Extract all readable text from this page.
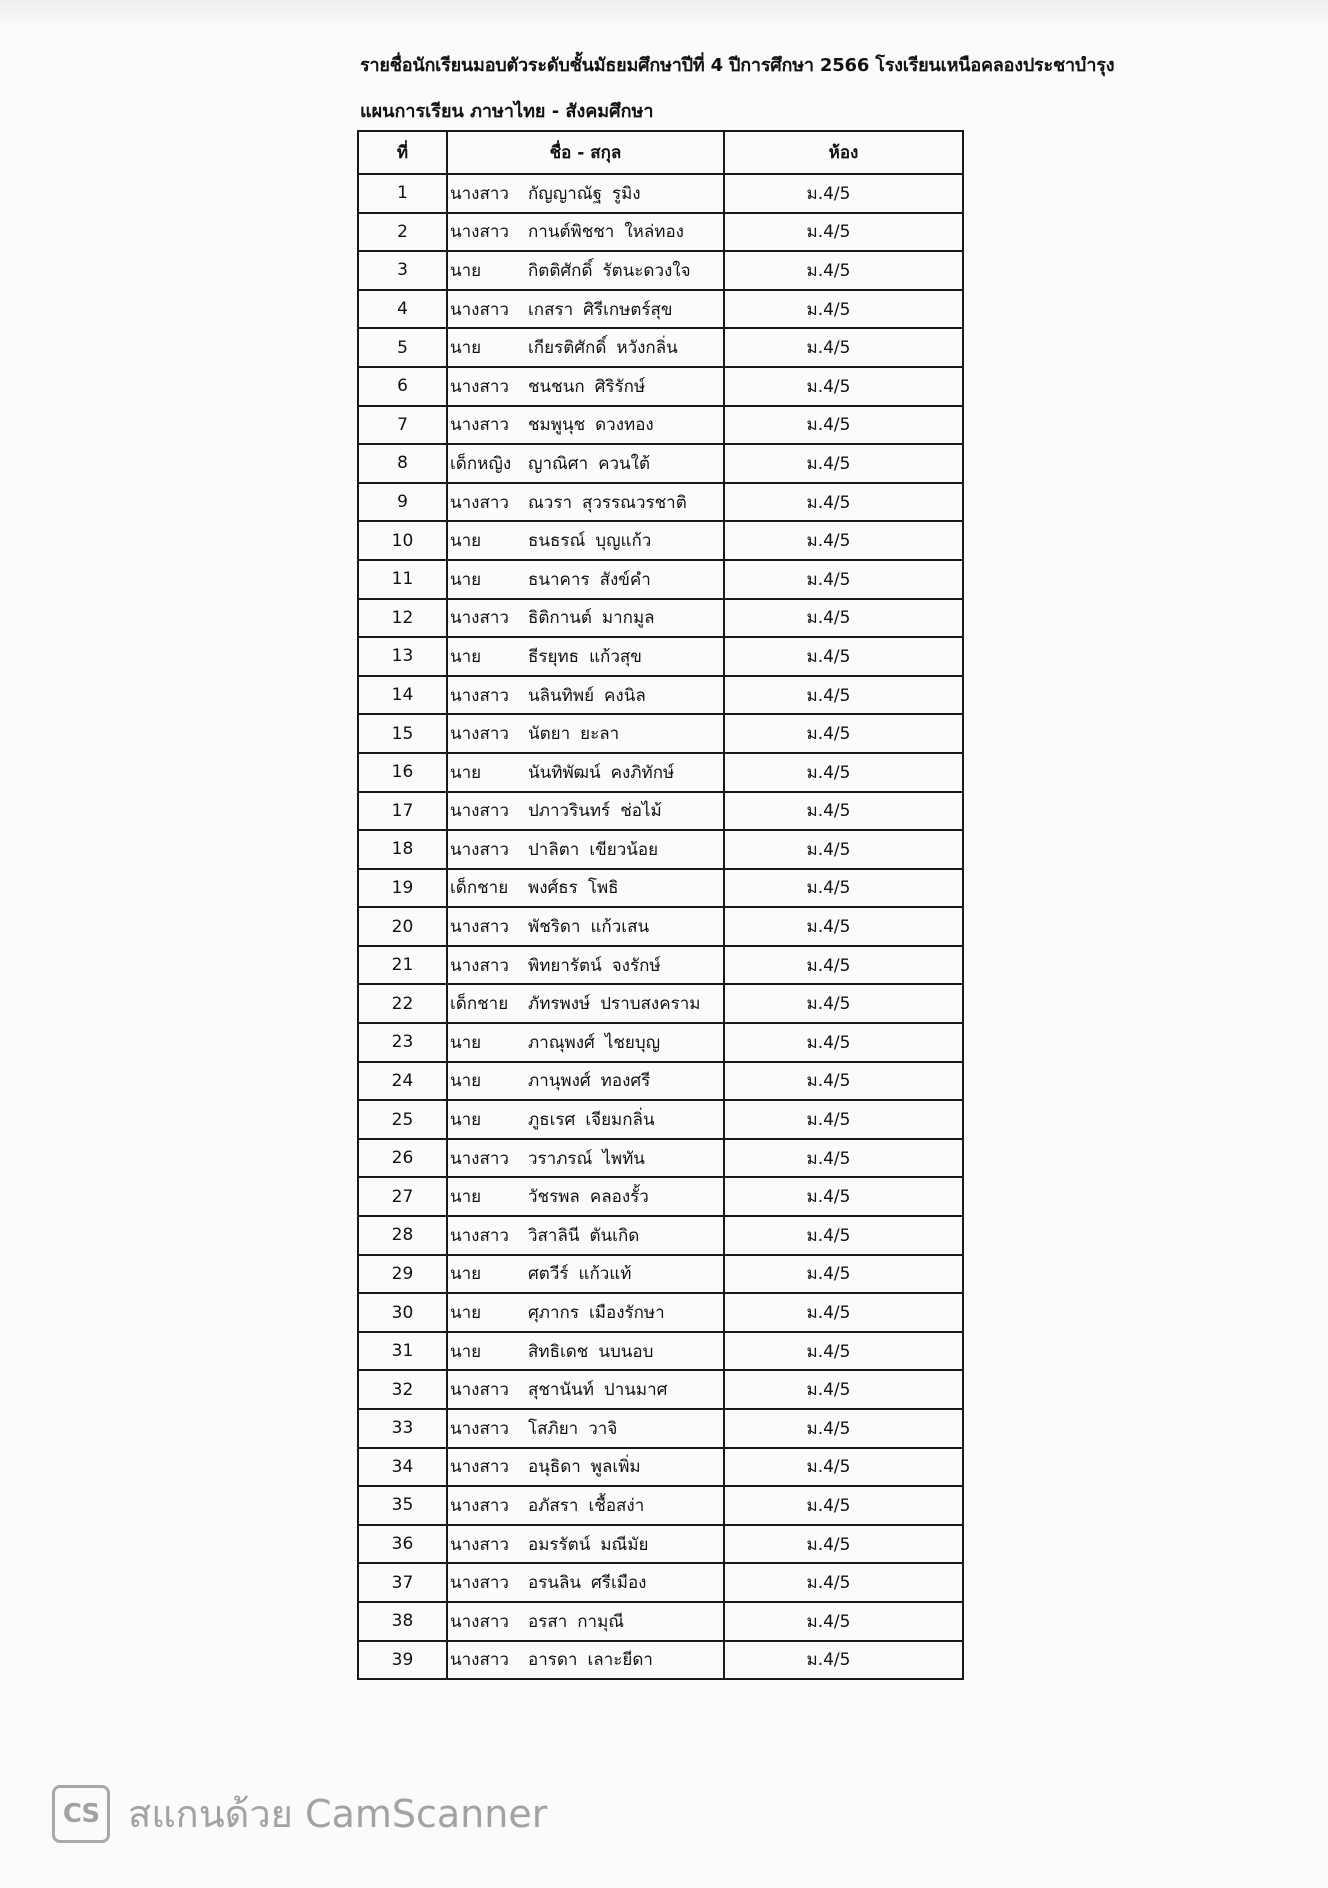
รายชื่อนักเรียนมอบตัวระดับชั้นมัธยมศึกษาปีที่ 4 ปีการศึกษา 2566 โรงเรียนเหนือคลองประชาบำรุง
แผนการเรียน ภาษาไทย - สังคมศึกษา
ที่	ชื่อ - สกุล	ห้อง
1	นางสาว กัญญาณัฐ รูมิง	ม.4/5
2	นางสาว กานต์พิชชา ใหล่ทอง	ม.4/5
3	นาย กิตติศักดิ์ รัตนะดวงใจ	ม.4/5
4	นางสาว เกสรา ศิรีเกษตร์สุข	ม.4/5
5	นาย เกียรติศักดิ์ หวังกลิ่น	ม.4/5
6	นางสาว ชนชนก ศิริรักษ์	ม.4/5
7	นางสาว ชมพูนุช ดวงทอง	ม.4/5
8	เด็กหญิง ญาณิศา ควนใต้	ม.4/5
9	นางสาว ณวรา สุวรรณวรชาติ	ม.4/5
10	นาย ธนธรณ์ บุญแก้ว	ม.4/5
11	นาย ธนาคาร สังข์คำ	ม.4/5
12	นางสาว ธิติกานต์ มากมูล	ม.4/5
13	นาย ธีรยุทธ แก้วสุข	ม.4/5
14	นางสาว นลินทิพย์ คงนิล	ม.4/5
15	นางสาว นัตยา ยะลา	ม.4/5
16	นาย นันทิพัฒน์ คงภิทักษ์	ม.4/5
17	นางสาว ปภาวรินทร์ ช่อไม้	ม.4/5
18	นางสาว ปาลิตา เขียวน้อย	ม.4/5
19	เด็กชาย พงศ์ธร โพธิ	ม.4/5
20	นางสาว พัชริดา แก้วเสน	ม.4/5
21	นางสาว พิทยารัตน์ จงรักษ์	ม.4/5
22	เด็กชาย ภัทรพงษ์ ปราบสงคราม	ม.4/5
23	นาย ภาณุพงศ์ ไชยบุญ	ม.4/5
24	นาย ภานุพงศ์ ทองศรี	ม.4/5
25	นาย ภูธเรศ เจียมกลิ่น	ม.4/5
26	นางสาว วราภรณ์ ไพทัน	ม.4/5
27	นาย วัชรพล คลองรั้ว	ม.4/5
28	นางสาว วิสาลินี ตันเกิด	ม.4/5
29	นาย ศตวีร์ แก้วแท้	ม.4/5
30	นาย ศุภากร เมืองรักษา	ม.4/5
31	นาย สิทธิเดช นบนอบ	ม.4/5
32	นางสาว สุชานันท์ ปานมาศ	ม.4/5
33	นางสาว โสภิยา วาจิ	ม.4/5
34	นางสาว อนุธิดา พูลเพิ่ม	ม.4/5
35	นางสาว อภัสรา เชื้อสง่า	ม.4/5
36	นางสาว อมรรัตน์ มณีมัย	ม.4/5
37	นางสาว อรนลิน ศรีเมือง	ม.4/5
38	นางสาว อรสา กามุณี	ม.4/5
39	นางสาว อารดา เลาะยีดา	ม.4/5
CS สแกนด้วย CamScanner
